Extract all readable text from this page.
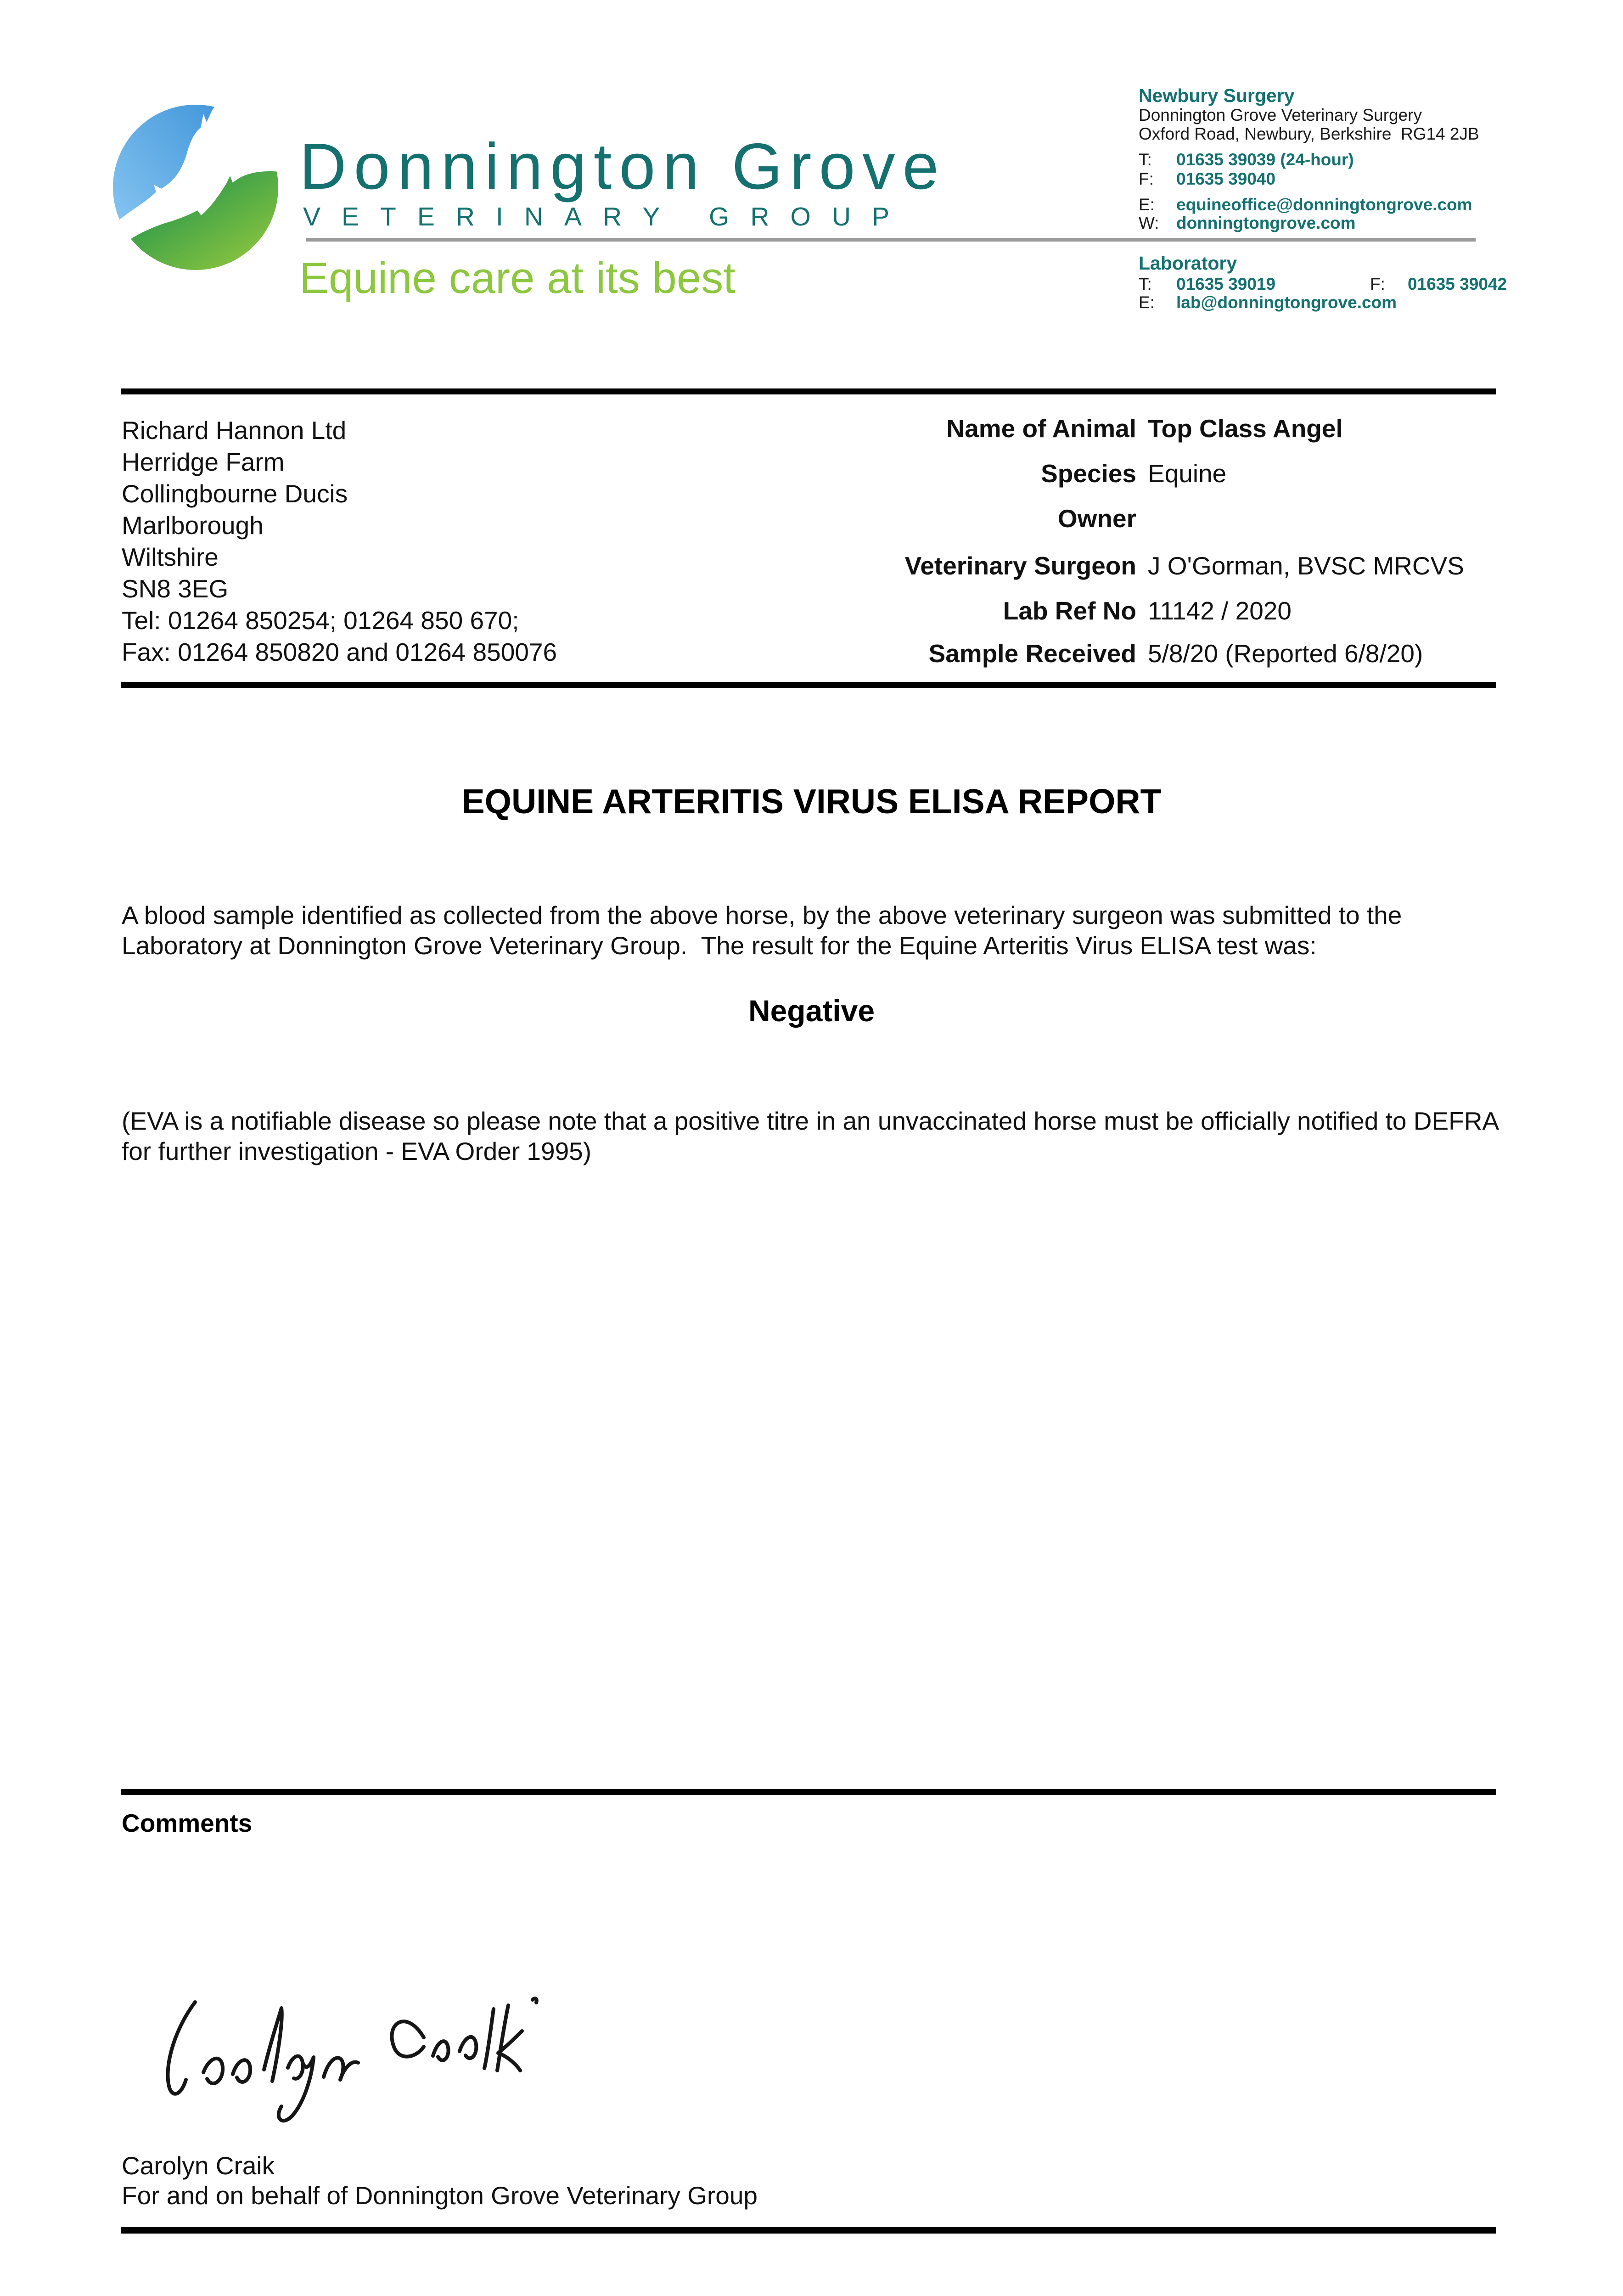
Donnington Grove
VETERINARY GROUP
Equine care at its best
Newbury Surgery
Donnington Grove Veterinary Surgery
Oxford Road, Newbury, Berkshire  RG14 2JB
T: 01635 39039 (24-hour)
F: 01635 39040
E: equineoffice@donningtongrove.com
W: donningtongrove.com
Laboratory
T: 01635 39019	F: 01635 39042
E: lab@donningtongrove.com
Richard Hannon Ltd
Herridge Farm
Collingbourne Ducis
Marlborough
Wiltshire
SN8 3EG
Tel: 01264 850254; 01264 850 670;
Fax: 01264 850820 and 01264 850076
Name of Animal Top Class Angel
Species Equine
Owner
Veterinary Surgeon J O'Gorman, BVSC MRCVS
Lab Ref No 11142 / 2020
Sample Received 5/8/20 (Reported 6/8/20)
EQUINE ARTERITIS VIRUS ELISA REPORT
A blood sample identified as collected from the above horse, by the above veterinary surgeon was submitted to the Laboratory at Donnington Grove Veterinary Group.  The result for the Equine Arteritis Virus ELISA test was:
Negative
(EVA is a notifiable disease so please note that a positive titre in an unvaccinated horse must be officially notified to DEFRA for further investigation - EVA Order 1995)
Comments
Carolyn Craik
For and on behalf of Donnington Grove Veterinary Group
